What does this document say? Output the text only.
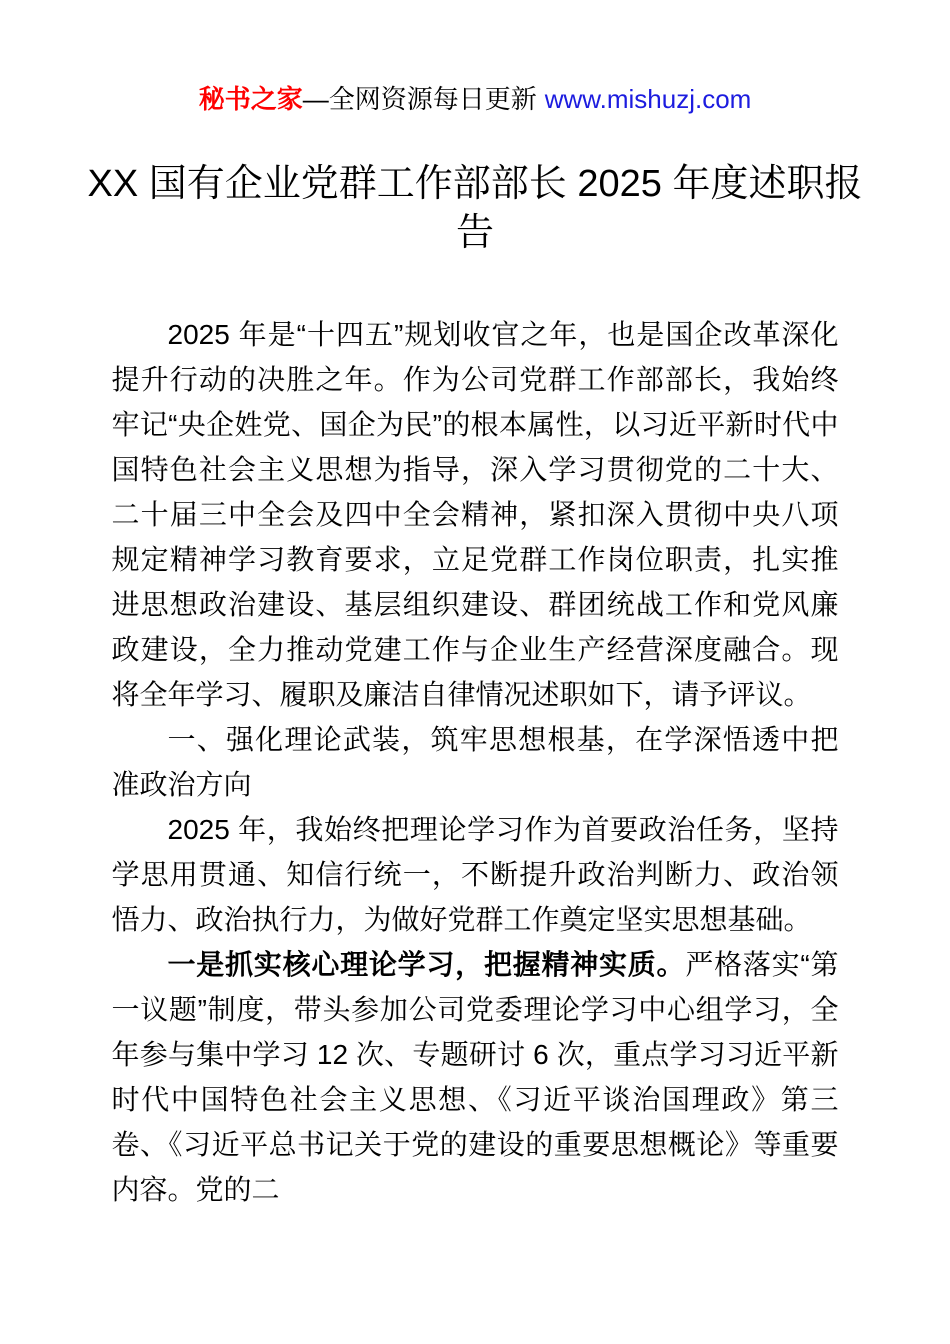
秘书之家—全网资源每日更新 www.mishuzj.com
XX 国有企业党群工作部部长 2025 年度述职报告

2025 年是“十四五”规划收官之年，也是国企改革深化提升行动的决胜之年。作为公司党群工作部部长，我始终牢记“央企姓党、国企为民”的根本属性，以习近平新时代中国特色社会主义思想为指导，深入学习贯彻党的二十大、二十届三中全会及四中全会精神，紧扣深入贯彻中央八项规定精神学习教育要求，立足党群工作岗位职责，扎实推进思想政治建设、基层组织建设、群团统战工作和党风廉政建设，全力推动党建工作与企业生产经营深度融合。现将全年学习、履职及廉洁自律情况述职如下，请予评议。

一、强化理论武装，筑牢思想根基，在学深悟透中把准政治方向

2025 年，我始终把理论学习作为首要政治任务，坚持学思用贯通、知信行统一，不断提升政治判断力、政治领悟力、政治执行力，为做好党群工作奠定坚实思想基础。

一是抓实核心理论学习，把握精神实质。严格落实“第一议题”制度，带头参加公司党委理论学习中心组学习，全年参与集中学习 12 次、专题研讨 6 次，重点学习习近平新时代中国特色社会主义思想、《习近平谈治国理政》第三卷、《习近平总书记关于党的建设的重要思想概论》等重要内容。党的二
